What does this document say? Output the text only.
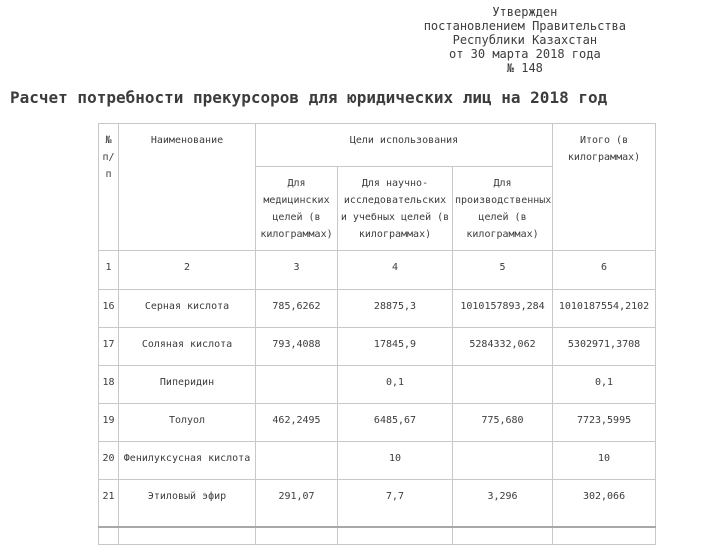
Утвержден
постановлением Правительства
Республики Казахстан
от 30 марта 2018 года
№ 148
Расчет потребности прекурсоров для юридических лиц на 2018 год
№ п/п	Наименование	Цели использования			Итого (в килограммах)
		Для медицинских целей (в килограммах)	Для научно-исследовательских и учебных целей (в килограммах)	Для производственных целей (в килограммах)	
1	2	3	4	5	6
16	Серная кислота	785,6262	28875,3	1010157893,284	1010187554,2102
17	Соляная кислота	793,4088	17845,9	5284332,062	5302971,3708
18	Пиперидин		0,1		0,1
19	Толуол	462,2495	6485,67	775,680	7723,5995
20	Фенилуксусная кислота		10		10
21	Этиловый эфир	291,07	7,7	3,296	302,066
